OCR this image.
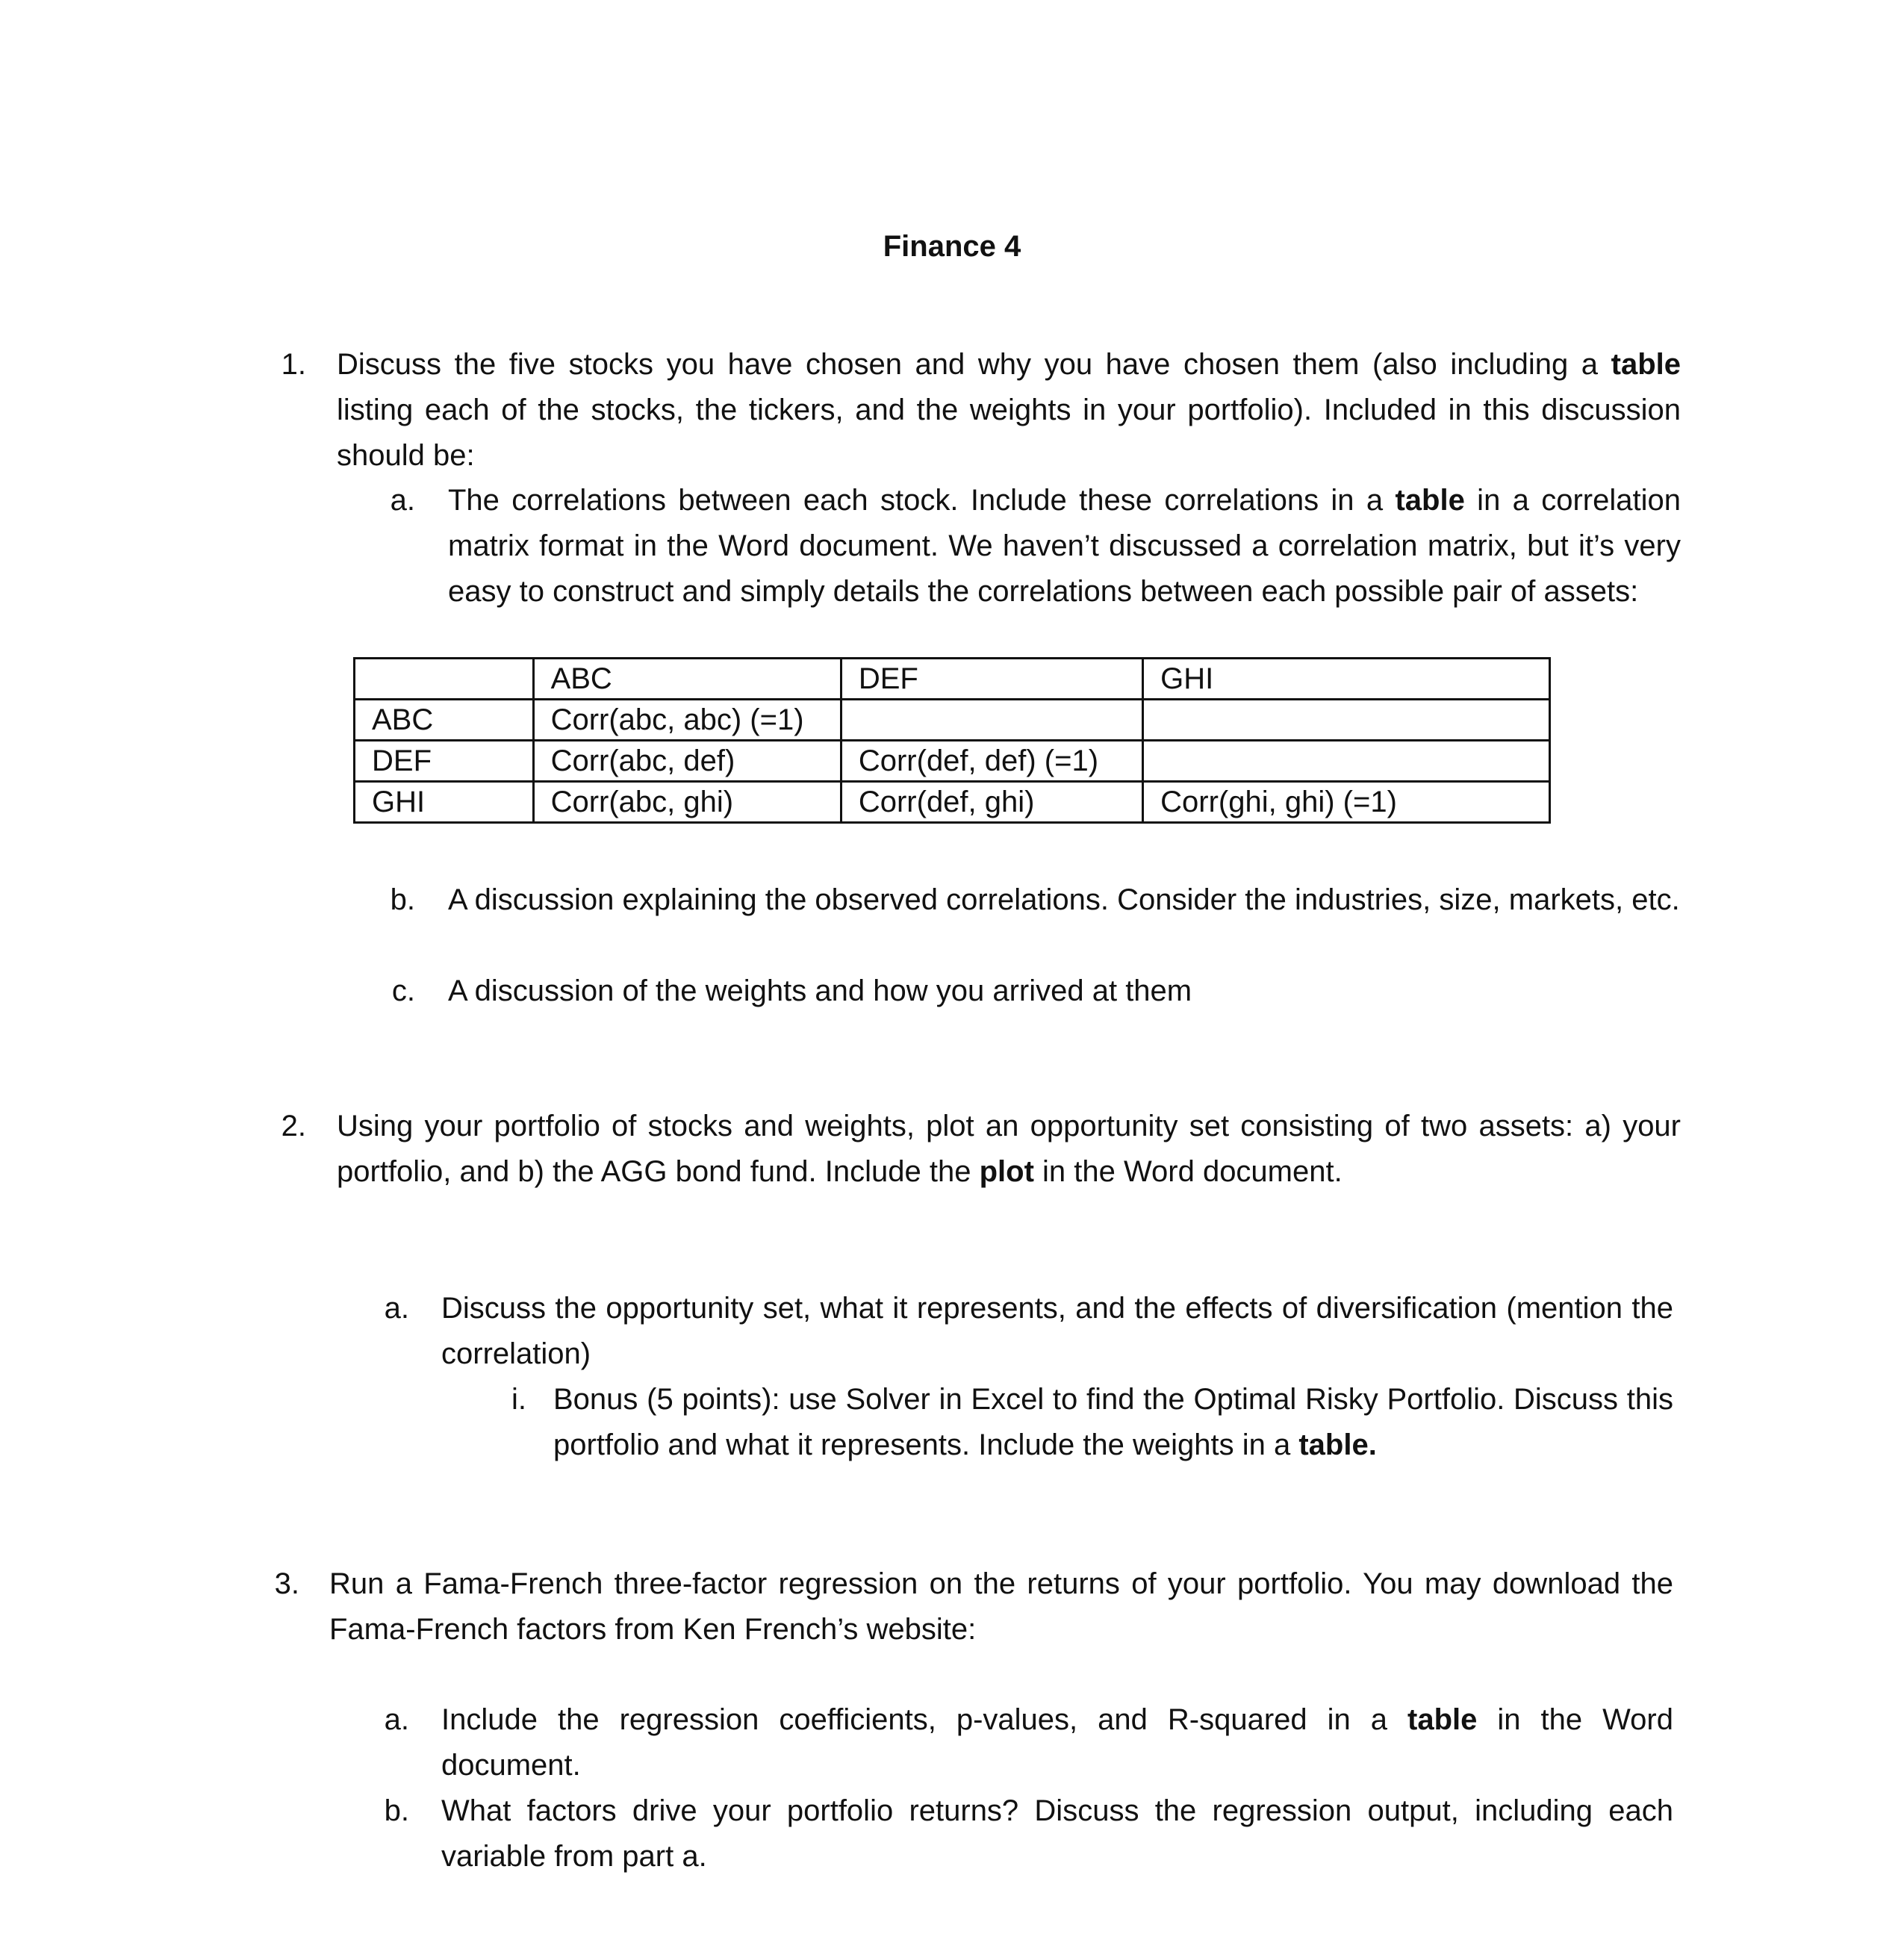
Finance 4
1. Discuss the five stocks you have chosen and why you have chosen them (also including a table listing each of the stocks, the tickers, and the weights in your portfolio). Included in this discussion should be:
a. The correlations between each stock. Include these correlations in a table in a correlation matrix format in the Word document. We haven’t discussed a correlation matrix, but it’s very easy to construct and simply details the correlations between each possible pair of assets:
	ABC	DEF	GHI
ABC	Corr(abc, abc) (=1)		
DEF	Corr(abc, def)	Corr(def, def) (=1)	
GHI	Corr(abc, ghi)	Corr(def, ghi)	Corr(ghi, ghi) (=1)
b. A discussion explaining the observed correlations. Consider the industries, size, markets, etc.
c. A discussion of the weights and how you arrived at them
2. Using your portfolio of stocks and weights, plot an opportunity set consisting of two assets: a) your portfolio, and b) the AGG bond fund. Include the plot in the Word document.
a. Discuss the opportunity set, what it represents, and the effects of diversification (mention the correlation)
i. Bonus (5 points): use Solver in Excel to find the Optimal Risky Portfolio. Discuss this portfolio and what it represents. Include the weights in a table.
3. Run a Fama-French three-factor regression on the returns of your portfolio. You may download the Fama-French factors from Ken French’s website:
a. Include the regression coefficients, p-values, and R-squared in a table in the Word document.
b. What factors drive your portfolio returns? Discuss the regression output, including each variable from part a.
